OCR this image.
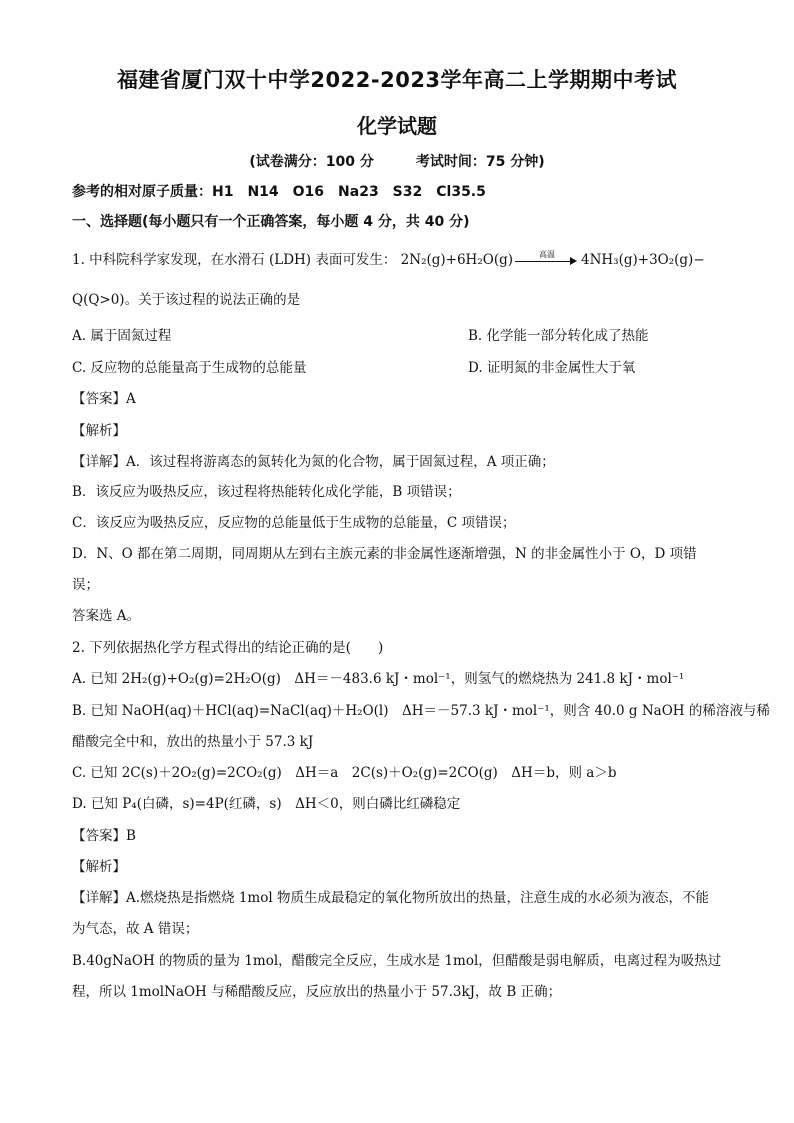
福建省厦门双十中学2022-2023学年高二上学期期中考试
化学试题
(试卷满分：100 分	考试时间：75 分钟)
参考的相对原子质量：H1　N14　O16　Na23　S32　Cl35.5
一、选择题(每小题只有一个正确答案，每小题 4 分，共 40 分)
1. 中科院科学家发现，在水滑石 (LDH) 表面可发生： 2N₂(g)+6H₂O(g)	高温	4NH₃(g)+3O₂(g)−
Q(Q>0)。关于该过程的说法正确的是
A. 属于固氮过程	B. 化学能一部分转化成了热能
C. 反应物的总能量高于生成物的总能量	D. 证明氮的非金属性大于氧
【答案】A
【解析】
【详解】A．该过程将游离态的氮转化为氮的化合物，属于固氮过程，A 项正确；
B．该反应为吸热反应，该过程将热能转化成化学能，B 项错误；
C．该反应为吸热反应，反应物的总能量低于生成物的总能量，C 项错误；
D．N、O 都在第二周期，同周期从左到右主族元素的非金属性逐渐增强，N 的非金属性小于 O，D 项错
误；
答案选 A。
2. 下列依据热化学方程式得出的结论正确的是(　　)
A. 已知 2H₂(g)+O₂(g)=2H₂O(g)　ΔH＝－483.6 kJ・mol⁻¹，则氢气的燃烧热为 241.8 kJ・mol⁻¹
B. 已知 NaOH(aq)＋HCl(aq)=NaCl(aq)＋H₂O(l)　ΔH＝－57.3 kJ・mol⁻¹，则含 40.0 g NaOH 的稀溶液与稀
醋酸完全中和，放出的热量小于 57.3 kJ
C. 已知 2C(s)＋2O₂(g)=2CO₂(g)　ΔH＝a　2C(s)＋O₂(g)=2CO(g)　ΔH＝b，则 a＞b
D. 已知 P₄(白磷，s)=4P(红磷，s)　ΔH＜0，则白磷比红磷稳定
【答案】B
【解析】
【详解】A.燃烧热是指燃烧 1mol 物质生成最稳定的氧化物所放出的热量，注意生成的水必须为液态，不能
为气态，故 A 错误；
B.40gNaOH 的物质的量为 1mol，醋酸完全反应，生成水是 1mol，但醋酸是弱电解质，电离过程为吸热过
程，所以 1molNaOH 与稀醋酸反应，反应放出的热量小于 57.3kJ，故 B 正确；
